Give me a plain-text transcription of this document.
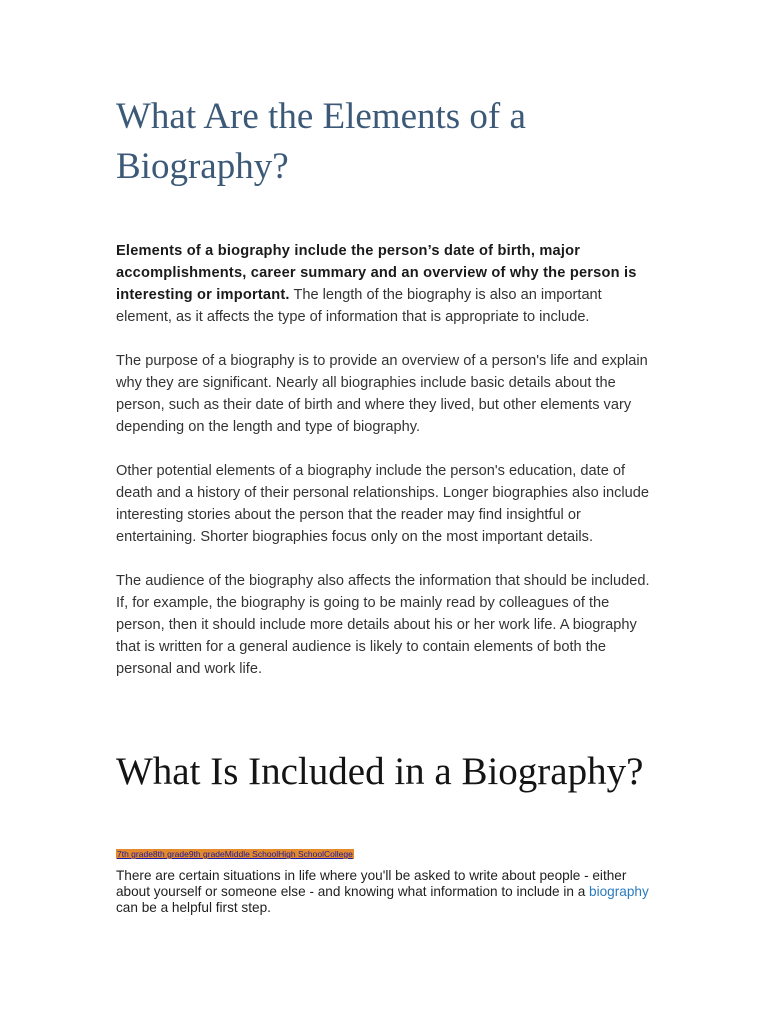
What Are the Elements of a Biography?

Elements of a biography include the person’s date of birth, major accomplishments, career summary and an overview of why the person is interesting or important. The length of the biography is also an important element, as it affects the type of information that is appropriate to include.

The purpose of a biography is to provide an overview of a person's life and explain why they are significant. Nearly all biographies include basic details about the person, such as their date of birth and where they lived, but other elements vary depending on the length and type of biography.

Other potential elements of a biography include the person's education, date of death and a history of their personal relationships. Longer biographies also include interesting stories about the person that the reader may find insightful or entertaining. Shorter biographies focus only on the most important details.

The audience of the biography also affects the information that should be included. If, for example, the biography is going to be mainly read by colleagues of the person, then it should include more details about his or her work life. A biography that is written for a general audience is likely to contain elements of both the personal and work life.

What Is Included in a Biography?
7th grade8th grade9th gradeMiddle SchoolHigh SchoolCollege

There are certain situations in life where you'll be asked to write about people - either about yourself or someone else - and knowing what information to include in a biography can be a helpful first step.
